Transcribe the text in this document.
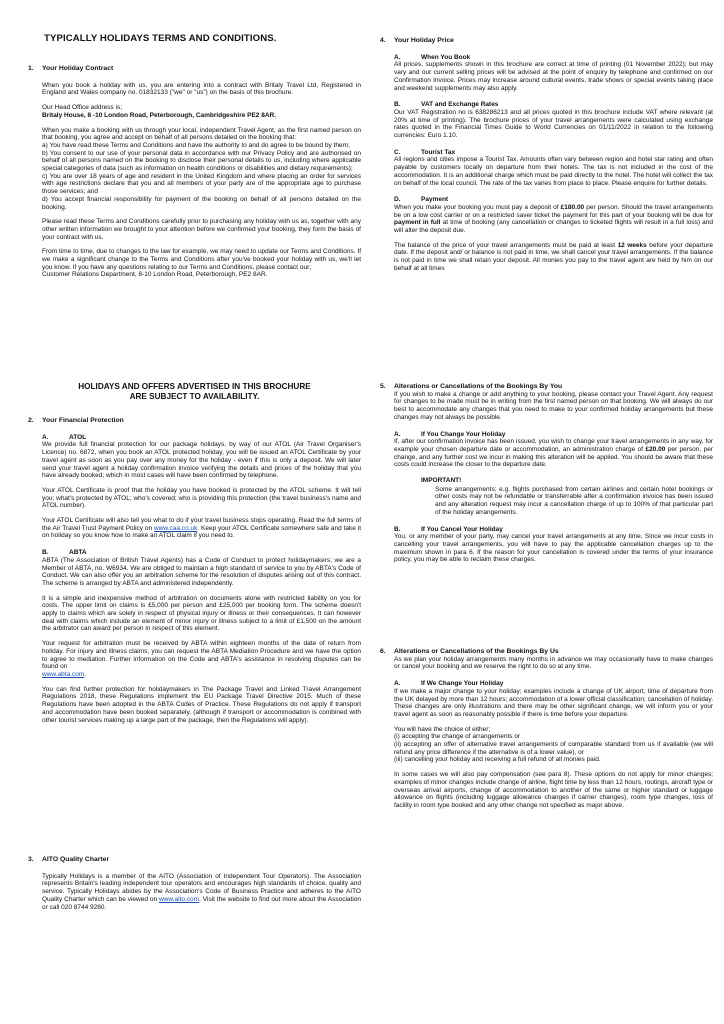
TYPICALLY HOLIDAYS TERMS AND CONDITIONS.
1.	Your Holiday Contract

When you book a holiday with us, you are entering into a contract with Britaly Travel Ltd, Registered in England and Wales company no. 01832133 ("we" or "us") on the basis of this brochure.

Our Head Office address is;

Britaly House, 8 -10 London Road, Peterborough, Cambridgeshire PE2 8AR.

When you make a booking with us through your local, independent Travel Agent, as the first named person on that booking, you agree and accept on behalf of all persons detailed on the booking that:

a) You have read these Terms and Conditions and have the authority to and do agree to be bound by them;

b) You consent to our use of your personal data in accordance with our Privacy Policy and are authorised on behalf of all persons named on the booking to disclose their personal details to us, including where applicable special categories of data (such as information on health conditions or disabilities and dietary requirements);

c) You are over 18 years of age and resident in the United Kingdom and where placing an order for services with age restrictions declare that you and all members of your party are of the appropriate age to purchase those services; and

d) You accept financial responsibility for payment of the booking on behalf of all persons detailed on the booking.

Please read these Terms and Conditions carefully prior to purchasing any holiday with us as, together with any other written information we brought to your attention before we confirmed your booking, they form the basis of your contract with us.

From time to time, due to changes to the law for example, we may need to update our Terms and Conditions. If we make a significant change to the Terms and Conditions after you've booked your holiday with us, we'll let you know. If you have any questions relating to our Terms and Conditions, please contact our;

Customer Relations Department, 8-10 London Road, Peterborough, PE2 8AR.

HOLIDAYS AND OFFERS ADVERTISED IN THIS BROCHURE
ARE SUBJECT TO AVAILABILITY.
2.	Your Financial Protection
A.	ATOL

We provide full financial protection for our package holidays, by way of our ATOL (Air Travel Organiser's Licence) no. 6872, when you book an ATOL protected holiday, you will be issued an ATOL Certificate by your travel agent as soon as you pay over any money for the holiday - even if this is only a deposit. We will later send your travel agent a holiday confirmation invoice verifying the details and prices of the holiday that you have already booked; which in most cases will have been confirmed by telephone.

Your ATOL Certificate is proof that the holiday you have booked is protected by the ATOL scheme. It will tell you; what's protected by ATOL; who's covered; who is providing this protection (the travel business's name and ATOL number).

Your ATOL Certificate will also tell you what to do if your travel business stops operating. Read the full terms of the Air Travel Trust Payment Policy on www.caa.co.uk. Keep your ATOL Certificate somewhere safe and take it on holiday so you know how to make an ATOL claim if you need to.

B.	ABTA

ABTA (The Association of British Travel Agents) has a Code of Conduct to protect holidaymakers; we are a Member of ABTA, no. W6934. We are obliged to maintain a high standard of service to you by ABTA's Code of Conduct. We can also offer you an arbitration scheme for the resolution of disputes arising out of this contract. The scheme is arranged by ABTA and administered independently.

It is a simple and inexpensive method of arbitration on documents alone with restricted liability on you for costs. The upper limit on claims is £5,000 per person and £25,000 per booking form. The scheme doesn't apply to claims which are solely in respect of physical injury or illness or their consequences. It can however deal with claims which include an element of minor injury or illness subject to a limit of £1,500 on the amount the arbitrator can award per person in respect of this element.

Your request for arbitration must be received by ABTA within eighteen months of the date of return from holiday. For injury and illness claims, you can request the ABTA Mediation Procedure and we have the option to agree to mediation. Further information on the Code and ABTA's assistance in resolving disputes can be found on
www.abta.com.

You can find further protection for holidaymakers in The Package Travel and Linked Travel Arrangement Regulations 2018, these Regulations implement the EU Package Travel Directive 2015. Much of these Regulations have been adopted in the ABTA Codes of Practice. These Regulations do not apply if transport and accommodation have been booked separately, (although if transport or accommodation is combined with other tourist services making up a large part of the package, then the Regulations will apply).

3.	AITO Quality Charter

Typically Holidays is a member of the AITO (Association of Independent Tour Operators). The Association represents Britain's leading independent tour operators and encourages high standards of choice, quality and service. Typically Holidays abides by the Association's Code of Business Practice and adheres to the AITO Quality Charter which can be viewed on www.aito.com. Visit the website to find out more about the Association or call 020 8744 9280.

4.	Your Holiday Price
A.	When You Book

All prices, supplements shown in this brochure are correct at time of printing (01 November 2022); but may vary and our current selling prices will be advised at the point of enquiry by telephone and confirmed on our Confirmation Invoice. Prices may increase around cultural events, trade shows or special events taking place and weekend supplements may also apply.

B.	VAT and Exchange Rates

Our VAT Registration no is 638286213 and all prices quoted in this brochure include VAT where relevant (at 20% at time of printing). The brochure prices of your travel arrangements were calculated using exchange rates quoted in the Financial Times Guide to World Currencies on 01/11/2022 in relation to the following currencies: Euro 1.10.

C.	Tourist Tax

All regions and cities impose a Tourist Tax. Amounts often vary between region and hotel star rating and often payable by customers locally on departure from their hotels. The tax is not included in the cost of the accommodation. It is an additional charge which must be paid directly to the hotel. The hotel will collect the tax on behalf of the local council. The rate of the tax varies from place to place. Please enquire for further details.

D.	Payment

When you make your booking you must pay a deposit of £180.00 per person. Should the travel arrangements be on a low cost carrier or on a restricted saver ticket the payment for this part of your booking will be due for payment in full at time of booking (any cancellation or changes to ticketed flights will result in a full loss) and will alter the deposit due.

The balance of the price of your travel arrangements must be paid at least 12 weeks before your departure date. If the deposit and/ or balance is not paid in time, we shall cancel your travel arrangements. If the balance is not paid in time we shall retain your deposit. All monies you pay to the travel agent are held by him on our behalf at all times

5.	Alterations or Cancellations of the Bookings By You

If you wish to make a change or add anything to your booking, please contact your Travel Agent. Any request for changes to be made must be in writing from the first named person on that booking. We will always do our best to accommodate any changes that you need to make to your confirmed holiday arrangements but these changes may not always be possible.

A.	If You Change Your Holiday

If, after our confirmation invoice has been issued, you wish to change your travel arrangements in any way, for example your chosen departure date or accommodation, an administration charge of £20.00 per person, per change, and any further cost we incur in making this alteration will be applied. You should be aware that these costs could increase the closer to the departure date.

IMPORTANT!
Some arrangements; e.g. flights purchased from certain airlines and certain hotel bookings or other costs may not be refundable or transferrable after a confirmation invoice has been issued and any alteration request may incur a cancellation charge of up to 100% of that particular part of the holiday arrangements.
B.	If You Cancel Your Holiday

You, or any member of your party, may cancel your travel arrangements at any time. Since we incur costs in cancelling your travel arrangements, you will have to pay the applicable cancellation charges up to the maximum shown in para 6. If the reason for your cancellation is covered under the terms of your insurance policy, you may be able to reclaim these charges.

6.	Alterations or Cancellations of the Bookings By Us

As we plan your holiday arrangements many months in advance we may occasionally have to make changes or cancel your booking and we reserve the right to do so at any time.

A.	If We Change Your Holiday

If we make a major change to your holiday; examples include a change of UK airport, time of departure from the UK delayed by more than 12 hours; accommodation of a lower official classification; cancellation of holiday. These changes are only illustrations and there may be other significant change, we will inform you or your travel agent as soon as reasonably possible if there is time before your departure.

You will have the choice of either;

(i) accepting the change of arrangements or

(ii) accepting an offer of alternative travel arrangements of comparable standard from us if available (we will refund any price difference if the alternative is of a lower value), or

(iii) cancelling your holiday and receiving a full refund of all monies paid.

In some cases we will also pay compensation (see para 8). These options do not apply for minor changes; examples of minor changes include change of airline, flight time by less than 12 hours, routings, aircraft type or overseas arrival airports, change of accommodation to another of the same or higher standard or luggage allowance on flights (including luggage allowance changes if carrier changes), room type changes, loss of facility in room type booked and any other change not specified as major above.
